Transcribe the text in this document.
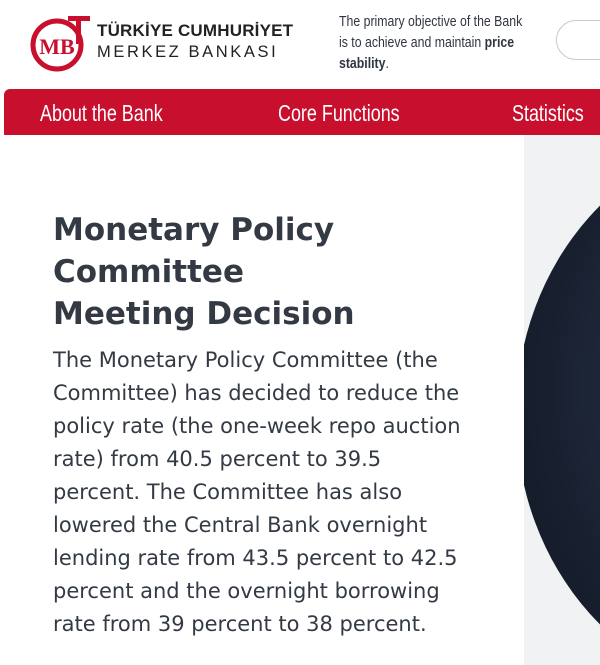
MB
TÜRKİYE CUMHURİYET
MERKEZ BANKASI
The primary objective of the Bank
is to achieve and maintain price
stability.
About the Bank	Core Functions	Statistics
Monetary Policy Committee Meeting Decision

The Monetary Policy Committee (the
Committee) has decided to reduce the
policy rate (the one-week repo auction
rate) from 40.5 percent to 39.5
percent. The Committee has also
lowered the Central Bank overnight
lending rate from 43.5 percent to 42.5
percent and the overnight borrowing
rate from 39 percent to 38 percent.
